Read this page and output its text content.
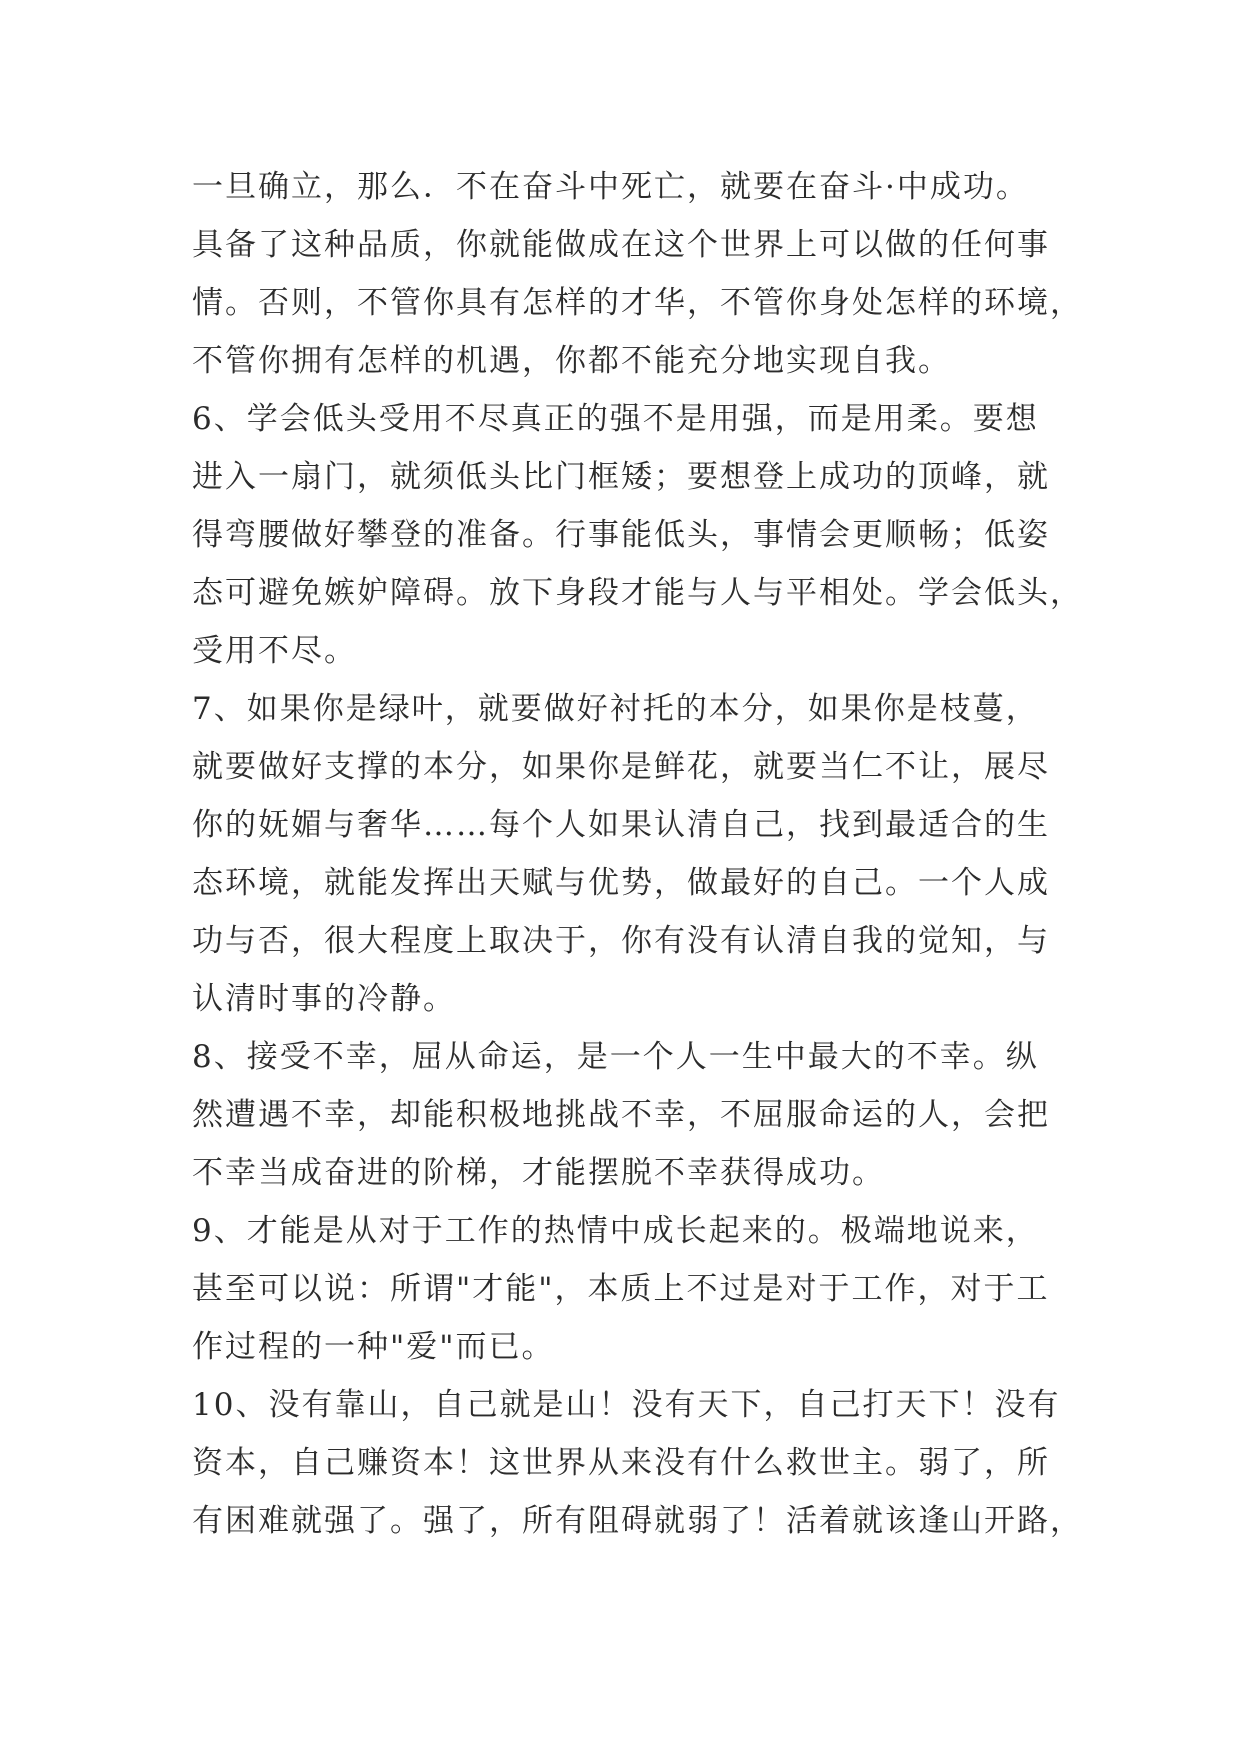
一旦确立，那么．不在奋斗中死亡，就要在奋斗·中成功。
具备了这种品质，你就能做成在这个世界上可以做的任何事
情。否则，不管你具有怎样的才华，不管你身处怎样的环境，
不管你拥有怎样的机遇，你都不能充分地实现自我。
6、学会低头受用不尽真正的强不是用强，而是用柔。要想
进入一扇门，就须低头比门框矮；要想登上成功的顶峰，就
得弯腰做好攀登的准备。行事能低头，事情会更顺畅；低姿
态可避免嫉妒障碍。放下身段才能与人与平相处。学会低头，
受用不尽。
7、如果你是绿叶，就要做好衬托的本分，如果你是枝蔓，
就要做好支撑的本分，如果你是鲜花，就要当仁不让，展尽
你的妩媚与奢华……每个人如果认清自己，找到最适合的生
态环境，就能发挥出天赋与优势，做最好的自己。一个人成
功与否，很大程度上取决于，你有没有认清自我的觉知，与
认清时事的冷静。
8、接受不幸，屈从命运，是一个人一生中最大的不幸。纵
然遭遇不幸，却能积极地挑战不幸，不屈服命运的人，会把
不幸当成奋进的阶梯，才能摆脱不幸获得成功。
9、才能是从对于工作的热情中成长起来的。极端地说来，
甚至可以说：所谓"才能"，本质上不过是对于工作，对于工
作过程的一种"爱"而已。
10、没有靠山，自己就是山！没有天下，自己打天下！没有
资本，自己赚资本！这世界从来没有什么救世主。弱了，所
有困难就强了。强了，所有阻碍就弱了！活着就该逢山开路，
